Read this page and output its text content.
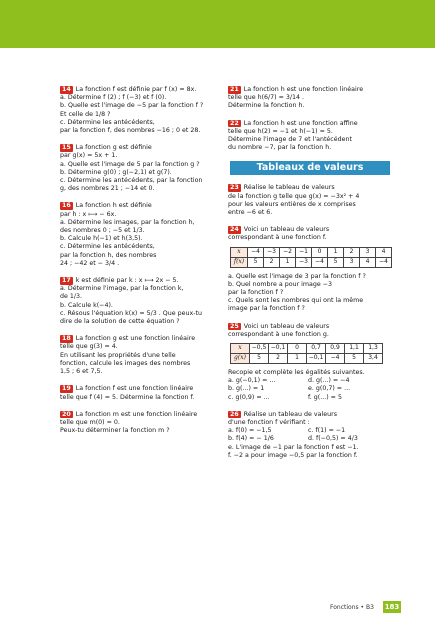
14 La fonction f est définie par f (x) = 8x.
a. Détermine f (2) ; f (−3) et f (0).
b. Quelle est l'image de −5 par la fonction f ?
Et celle de 1/8 ?
c. Détermine les antécédents,
par la fonction f, des nombres −16 ; 0 et 28.
15 La fonction g est définie
par g(x) = 5x + 1.
a. Quelle est l'image de 5 par la fonction g ?
b. Détermine g(0) ; g(−2,1) et g(7).
c. Détermine les antécédents, par la fonction
g, des nombres 21 ; −14 et 0.
16 La fonction h est définie
par h : x ⟼ − 6x.
a. Détermine les images, par la fonction h,
des nombres 0 ; −5 et 1/3.
b. Calcule h(−1) et h(3,5).
c. Détermine les antécédents,
par la fonction h, des nombres
24 ; −42 et − 3/4 .
17 k est définie par k : x ⟼ 2x − 5.
a. Détermine l'image, par la fonction k,
de 1/3.
b. Calcule k(−4).
c. Résous l'équation k(x) = 5/3 . Que peux-tu
dire de la solution de cette équation ?
18 La fonction g est une fonction linéaire
telle que g(3) = 4.
En utilisant les propriétés d'une telle
fonction, calcule les images des nombres
1,5 ; 6 et 7,5.
19 La fonction f est une fonction linéaire
telle que f (4) = 5. Détermine la fonction f.
20 La fonction m est une fonction linéaire
telle que m(0) = 0.
Peux-tu déterminer la fonction m ?
21 La fonction h est une fonction linéaire
telle que h(6/7) = 3/14 .
Détermine la fonction h.
22 La fonction h est une fonction affine
telle que h(2) = −1 et h(−1) = 5.
Détermine l'image de 7 et l'antécédent
du nombre −7, par la fonction h.
Tableaux de valeurs
23 Réalise le tableau de valeurs
de la fonction g telle que g(x) = −3x² + 4
pour les valeurs entières de x comprises
entre −6 et 6.
24 Voici un tableau de valeurs
correspondant à une fonction f.
x	−4	−3	−2	−1	0	1	2	3	4
f(x)	5	2	1	−3	−4	5	3	4	−4
a. Quelle est l'image de 3 par la fonction f ?
b. Quel nombre a pour image −3
par la fonction f ?
c. Quels sont les nombres qui ont la même
image par la fonction f ?
25 Voici un tableau de valeurs
correspondant à une fonction g.
x	−0,5	−0,1	0	0,7	0,9	1,1	1,3
g(x)	5	2	1	−0,1	−4	5	3,4
Recopie et complète les égalités suivantes.

a. g(−0,1) = ...	d. g(...) = −4
b. g(...) = 1	e. g(0,7) = ...
c. g(0,9) = ...	f. g(...) = 5
26 Réalise un tableau de valeurs
d'une fonction f vérifiant :
a. f(0) = −1,5	c. f(1) = −1
b. f(4) = − 1/6	d. f(−0,5) = 4/3
e. L'image de −1 par la fonction f est −1.
f. −2 a pour image −0,5 par la fonction f.
Fonctions • B3 183
